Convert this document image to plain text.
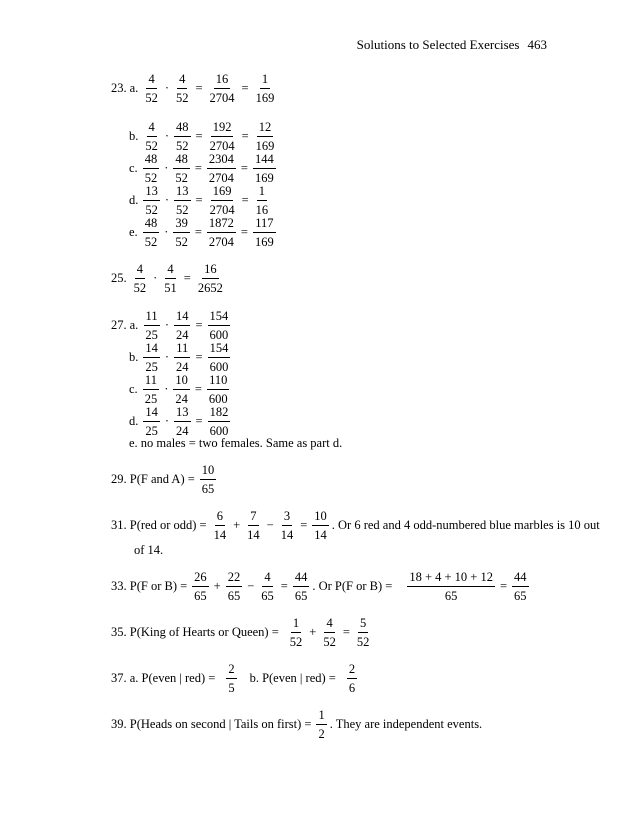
Solutions to Selected Exercises 463
23. a. $\frac{4}{52} \cdot \frac{4}{52} = \frac{16}{2704} = \frac{1}{169}$
b. $\frac{4}{52} \cdot \frac{48}{52} = \frac{192}{2704} = \frac{12}{169}$
c. $\frac{48}{52} \cdot \frac{48}{52} = \frac{2304}{2704} = \frac{144}{169}$
d. $\frac{13}{52} \cdot \frac{13}{52} = \frac{169}{2704} = \frac{1}{16}$
e. $\frac{48}{52} \cdot \frac{39}{52} = \frac{1872}{2704} = \frac{117}{169}$
25. $\frac{4}{52} \cdot \frac{4}{51} = \frac{16}{2652}$
27. a. $\frac{11}{25} \cdot \frac{14}{24} = \frac{154}{600}$
b. $\frac{14}{25} \cdot \frac{11}{24} = \frac{154}{600}$
c. $\frac{11}{25} \cdot \frac{10}{24} = \frac{110}{600}$
d. $\frac{14}{25} \cdot \frac{13}{24} = \frac{182}{600}$
e. no males = two females. Same as part d.
29. P(F and $A) = \frac{10}{65}$
31. P(red or $odd) = \frac{6}{14} + \frac{7}{14} - \frac{3}{14} = \frac{10}{14}$ . Or 6 red and 4 odd-numbered blue marbles is 10 out
of 14.
33. P(F or $B) = \frac{26}{65} + \frac{22}{65} - \frac{4}{65} = \frac{44}{65}$ . Or P(F or $B) = \frac{18 + 4 + 10 + 12}{65} = \frac{44}{65}$
35. P(King of Hearts or Queen) = $\frac{1}{52} + \frac{4}{52} = \frac{5}{52}$
37. a. P(even | $red) = \frac{2}{5} b$. P(even | $red) = \frac{2}{6}$
39. P(Heads on second | Tails on first) = $\frac{1}{2}$ . They are independent events.
